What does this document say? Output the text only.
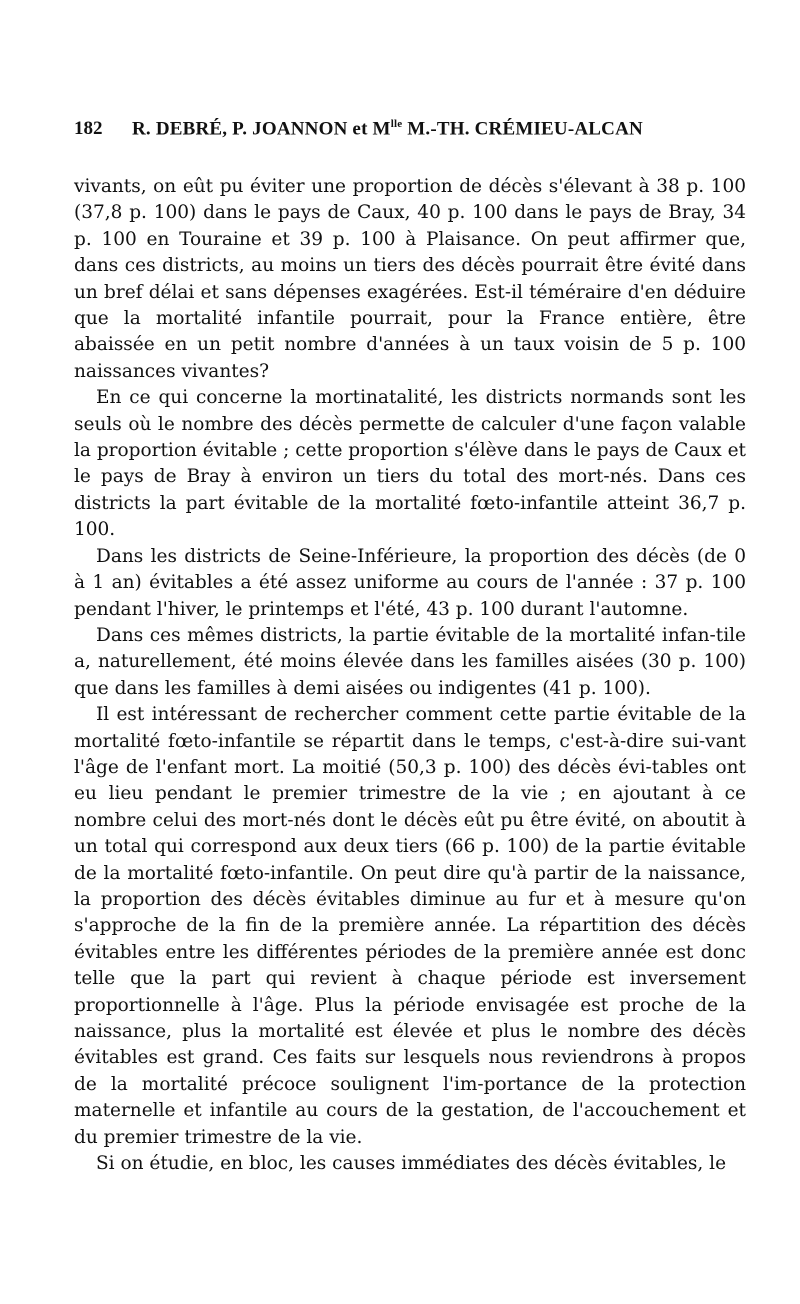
182	R. DEBRÉ, P. JOANNON et $M^{lle}$ M.-TH. CRÉMIEU-ALCAN

vivants, on eût pu éviter une proportion de décès s'élevant à 38 p. 100 (37,8 p. 100) dans le pays de Caux, 40 p. 100 dans le pays de Bray, 34 p. 100 en Touraine et 39 p. 100 à Plaisance. On peut affirmer que, dans ces districts, au moins un tiers des décès pourrait être évité dans un bref délai et sans dépenses exagérées. Est-il téméraire d'en déduire que la mortalité infantile pourrait, pour la France entière, être abaissée en un petit nombre d'années à un taux voisin de 5 p. 100 naissances vivantes?

En ce qui concerne la mortinatalité, les districts normands sont les seuls où le nombre des décès permette de calculer d'une façon valable la proportion évitable ; cette proportion s'élève dans le pays de Caux et le pays de Bray à environ un tiers du total des mort-nés. Dans ces districts la part évitable de la mortalité fœto-infantile atteint 36,7 p. 100.

Dans les districts de Seine-Inférieure, la proportion des décès (de 0 à 1 an) évitables a été assez uniforme au cours de l'année : 37 p. 100 pendant l'hiver, le printemps et l'été, 43 p. 100 durant l'automne.

Dans ces mêmes districts, la partie évitable de la mortalité infan-tile a, naturellement, été moins élevée dans les familles aisées (30 p. 100) que dans les familles à demi aisées ou indigentes (41 p. 100).

Il est intéressant de rechercher comment cette partie évitable de la mortalité fœto-infantile se répartit dans le temps, c'est-à-dire sui-vant l'âge de l'enfant mort. La moitié (50,3 p. 100) des décès évi-tables ont eu lieu pendant le premier trimestre de la vie ; en ajoutant à ce nombre celui des mort-nés dont le décès eût pu être évité, on aboutit à un total qui correspond aux deux tiers (66 p. 100) de la partie évitable de la mortalité fœto-infantile. On peut dire qu'à partir de la naissance, la proportion des décès évitables diminue au fur et à mesure qu'on s'approche de la fin de la première année. La répartition des décès évitables entre les différentes périodes de la première année est donc telle que la part qui revient à chaque période est inversement proportionnelle à l'âge. Plus la période envisagée est proche de la naissance, plus la mortalité est élevée et plus le nombre des décès évitables est grand. Ces faits sur lesquels nous reviendrons à propos de la mortalité précoce soulignent l'im-portance de la protection maternelle et infantile au cours de la gestation, de l'accouchement et du premier trimestre de la vie.

Si on étudie, en bloc, les causes immédiates des décès évitables, le
